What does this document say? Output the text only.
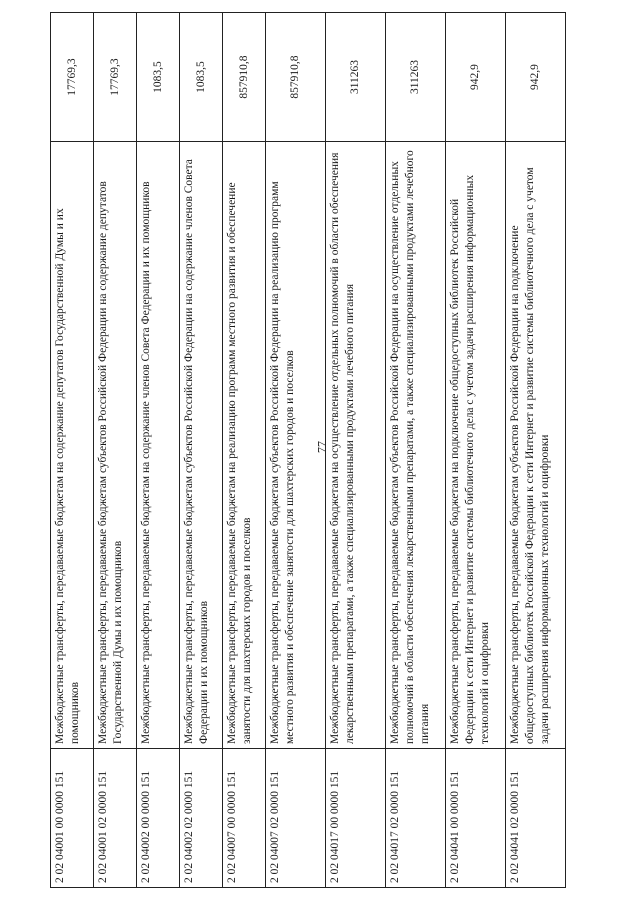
77
2 02 04001 00 0000 151	Межбюджетные трансферты, передаваемые бюджетам на содержание депутатов Государственной Думы и их помощников	17769,3
2 02 04001 02 0000 151	Межбюджетные трансферты, передаваемые бюджетам субъектов Российской Федерации на содержание депутатов Государственной Думы и их помощников	17769,3
2 02 04002 00 0000 151	Межбюджетные трансферты, передаваемые бюджетам на содержание членов Совета Федерации и их помощников	1083,5
2 02 04002 02 0000 151	Межбюджетные трансферты, передаваемые бюджетам субъектов Российской Федерации на содержание членов Совета Федерации и их помощников	1083,5
2 02 04007 00 0000 151	Межбюджетные трансферты, передаваемые бюджетам на реализацию программ местного развития и обеспечение занятости для шахтерских городов и поселков	857910,8
2 02 04007 02 0000 151	Межбюджетные трансферты, передаваемые бюджетам субъектов Российской Федерации на реализацию программ местного развития и обеспечение занятости для шахтерских городов и поселков	857910,8
2 02 04017 00 0000 151	Межбюджетные трансферты, передаваемые бюджетам на осуществление отдельных полномочий в области обеспечения лекарственными препаратами, а также специализированными продуктами лечебного питания	311263
2 02 04017 02 0000 151	Межбюджетные трансферты, передаваемые бюджетам субъектов Российской Федерации на осуществление отдельных полномочий в области обеспечения лекарственными препаратами, а также специализированными продуктами лечебного питания	311263
2 02 04041 00 0000 151	Межбюджетные трансферты, передаваемые бюджетам на подключение общедоступных библиотек Российской Федерации к сети Интернет и развитие системы библиотечного дела с учетом задачи расширения информационных технологий и оцифровки	942,9
2 02 04041 02 0000 151	Межбюджетные трансферты, передаваемые бюджетам субъектов Российской Федерации на подключение общедоступных библиотек Российской Федерации к сети Интернет и развитие системы библиотечного дела с учетом задачи расширения информационных технологий и оцифровки	942,9
